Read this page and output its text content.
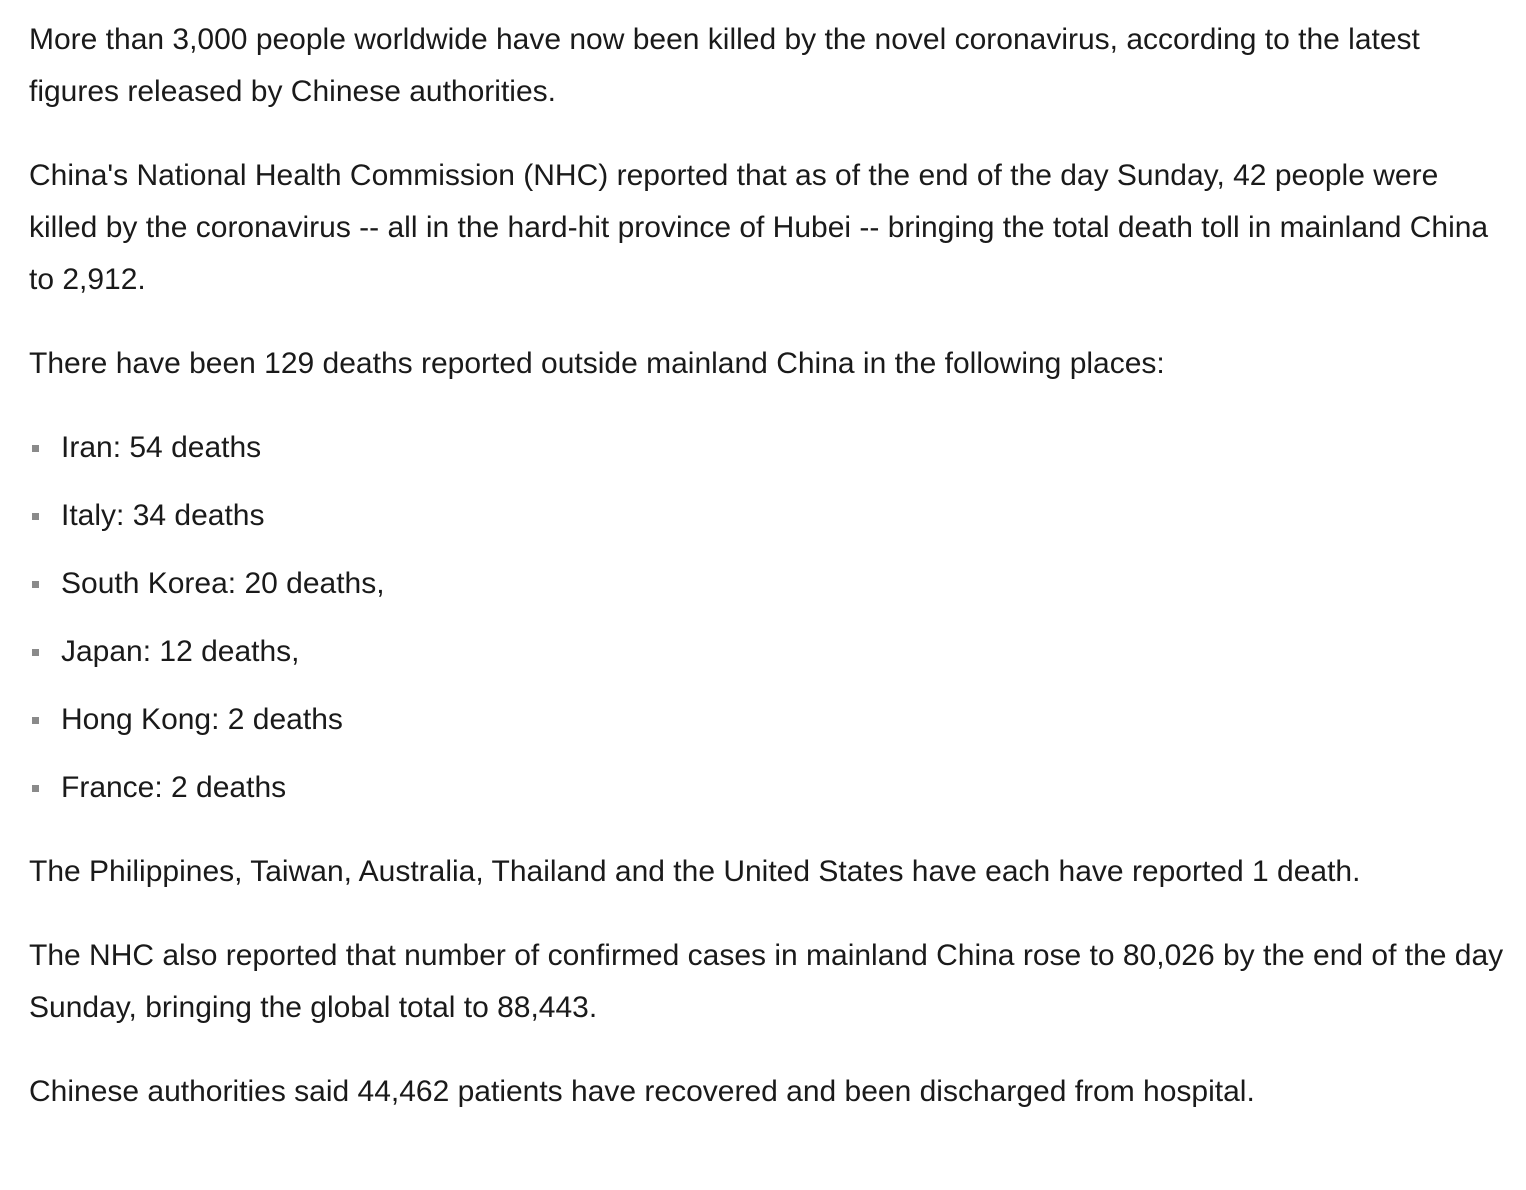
More than 3,000 people worldwide have now been killed by the novel coronavirus, according to the latest figures released by Chinese authorities.

China's National Health Commission (NHC) reported that as of the end of the day Sunday, 42 people were killed by the coronavirus -- all in the hard-hit province of Hubei -- bringing the total death toll in mainland China to 2,912.

There have been 129 deaths reported outside mainland China in the following places:

Iran: 54 deaths
Italy: 34 deaths
South Korea: 20 deaths,
Japan: 12 deaths,
Hong Kong: 2 deaths
France: 2 deaths

The Philippines, Taiwan, Australia, Thailand and the United States have each have reported 1 death.

The NHC also reported that number of confirmed cases in mainland China rose to 80,026 by the end of the day Sunday, bringing the global total to 88,443.

Chinese authorities said 44,462 patients have recovered and been discharged from hospital.
